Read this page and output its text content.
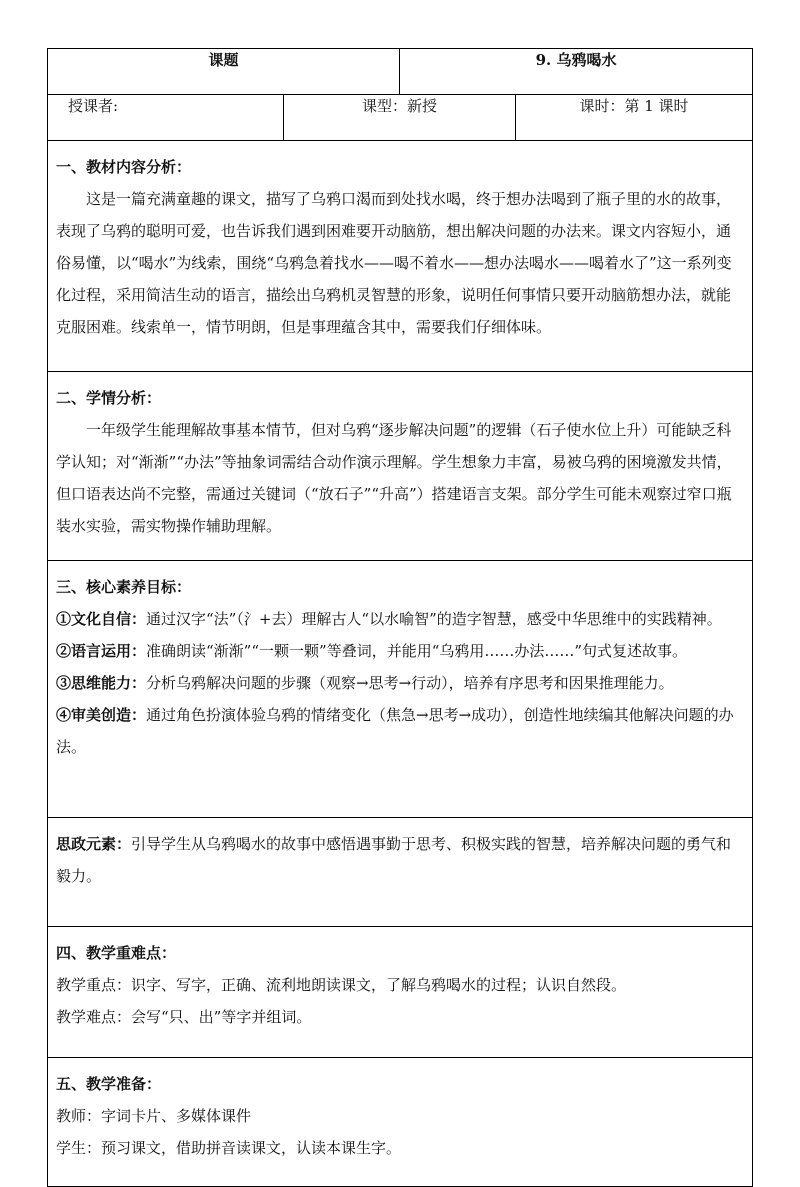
课题		9. 乌鸦喝水	
授课者:	课型：新授		课时：第 1 课时

一、教材内容分析：

这是一篇充满童趣的课文，描写了乌鸦口渴而到处找水喝，终于想办法喝到了瓶子里的水的故事，表现了乌鸦的聪明可爱，也告诉我们遇到困难要开动脑筋，想出解决问题的办法来。课文内容短小，通俗易懂，以“喝水”为线索，围绕“乌鸦急着找水——喝不着水——想办法喝水——喝着水了”这一系列变化过程，采用简洁生动的语言，描绘出乌鸦机灵智慧的形象，说明任何事情只要开动脑筋想办法，就能克服困难。线索单一，情节明朗，但是事理蕴含其中，需要我们仔细体味。			

二、学情分析：

一年级学生能理解故事基本情节，但对乌鸦“逐步解决问题”的逻辑（石子使水位上升）可能缺乏科学认知；对“渐渐”“办法”等抽象词需结合动作演示理解。学生想象力丰富，易被乌鸦的困境激发共情，但口语表达尚不完整，需通过关键词（“放石子”“升高”）搭建语言支架。部分学生可能未观察过窄口瓶装水实验，需实物操作辅助理解。			

三、核心素养目标：

①文化自信：通过汉字“法”（氵+去）理解古人“以水喻智”的造字智慧，感受中华思维中的实践精神。

②语言运用：准确朗读“渐渐”“一颗一颗”等叠词，并能用“乌鸦用……办法……”句式复述故事。

③思维能力：分析乌鸦解决问题的步骤（观察→思考→行动），培养有序思考和因果推理能力。

④审美创造：通过角色扮演体验乌鸦的情绪变化（焦急→思考→成功），创造性地续编其他解决问题的办法。			

思政元素：引导学生从乌鸦喝水的故事中感悟遇事勤于思考、积极实践的智慧，培养解决问题的勇气和毅力。			

四、教学重难点：

教学重点：识字、写字，正确、流利地朗读课文，了解乌鸦喝水的过程；认识自然段。

教学难点：会写“只、出”等字并组词。			

五、教学准备：

教师：字词卡片、多媒体课件

学生：预习课文，借助拼音读课文，认读本课生字。			
